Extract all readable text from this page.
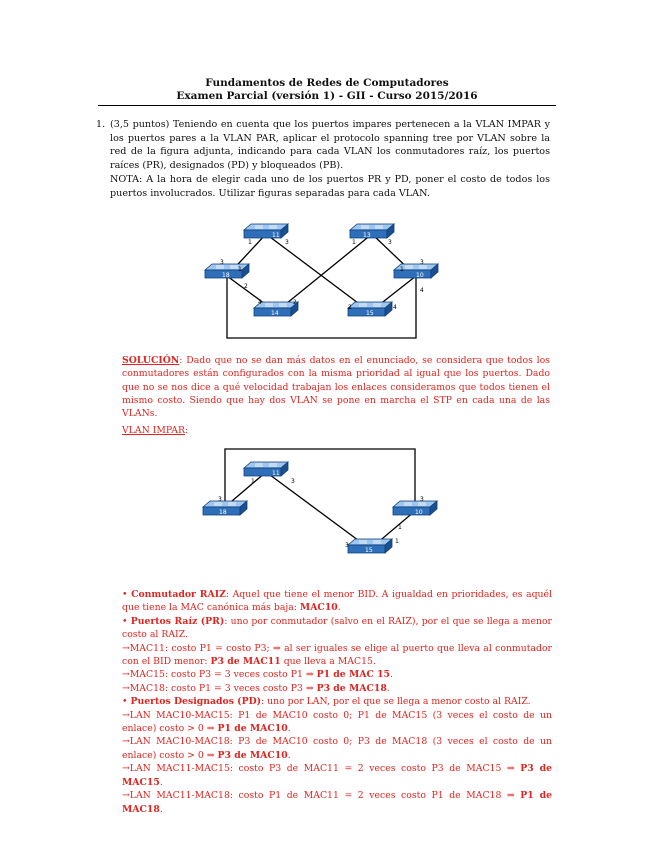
Fundamentos de Redes de Computadores
Examen Parcial (versión 1) - GII - Curso 2015/2016
1. (3,5 puntos) Teniendo en cuenta que los puertos impares pertenecen a la VLAN IMPAR y los puertos pares a la VLAN PAR, aplicar el protocolo spanning tree por VLAN sobre la red de la figura adjunta, indicando para cada VLAN los conmutadores raíz, los puertos raíces (PR), designados (PD) y bloqueados (PB).
NOTA: A la hora de elegir cada uno de los puertos PR y PD, poner el costo de todos los puertos involucrados. Utilizar figuras separadas para cada VLAN.
11	13
18	10
14	15
1	3	1	3
3
1
2
3
1
4
4	2
2	4
SOLUCIÓN: Dado que no se dan más datos en el enunciado, se considera que todos los conmutadores están configurados con la misma prioridad al igual que los puertos. Dado que no se nos dice a qué velocidad trabajan los enlaces consideramos que todos tienen el mismo costo. Siendo que hay dos VLAN se pone en marcha el STP en cada una de las VLANs.
VLAN IMPAR:
11
18	10
15
1	3
3	3
1
3
1

• Conmutador RAIZ: Aquel que tiene el menor BID. A igualdad en prioridades, es aquél que tiene la MAC canónica más baja: MAC10.

• Puertos Raíz (PR): uno por conmutador (salvo en el RAIZ), por el que se llega a menor costo al RAIZ.

→MAC11: costo P1 = costo P3; ⇒ al ser iguales se elige al puerto que lleva al conmutador con el BID menor: P3 de MAC11 que lleva a MAC15.

→MAC15: costo P3 = 3 veces costo P1 ⇒ P1 de MAC 15.

→MAC18: costo P1 = 3 veces costo P3 ⇒ P3 de MAC18.

• Puertos Designados (PD): uno por LAN, por el que se llega a menor costo al RAIZ.

→LAN MAC10-MAC15: P1 de MAC10 costo 0; P1 de MAC15 (3 veces el costo de un enlace) costo > 0 ⇒ P1 de MAC10.

→LAN MAC10-MAC18: P3 de MAC10 costo 0; P3 de MAC18 (3 veces el costo de un enlace) costo > 0 ⇒ P3 de MAC10.

→LAN MAC11-MAC15: costo P3 de MAC11 = 2 veces costo P3 de MAC15 ⇒ P3 de MAC15.

→LAN MAC11-MAC18: costo P1 de MAC11 = 2 veces costo P1 de MAC18 ⇒ P1 de MAC18.
